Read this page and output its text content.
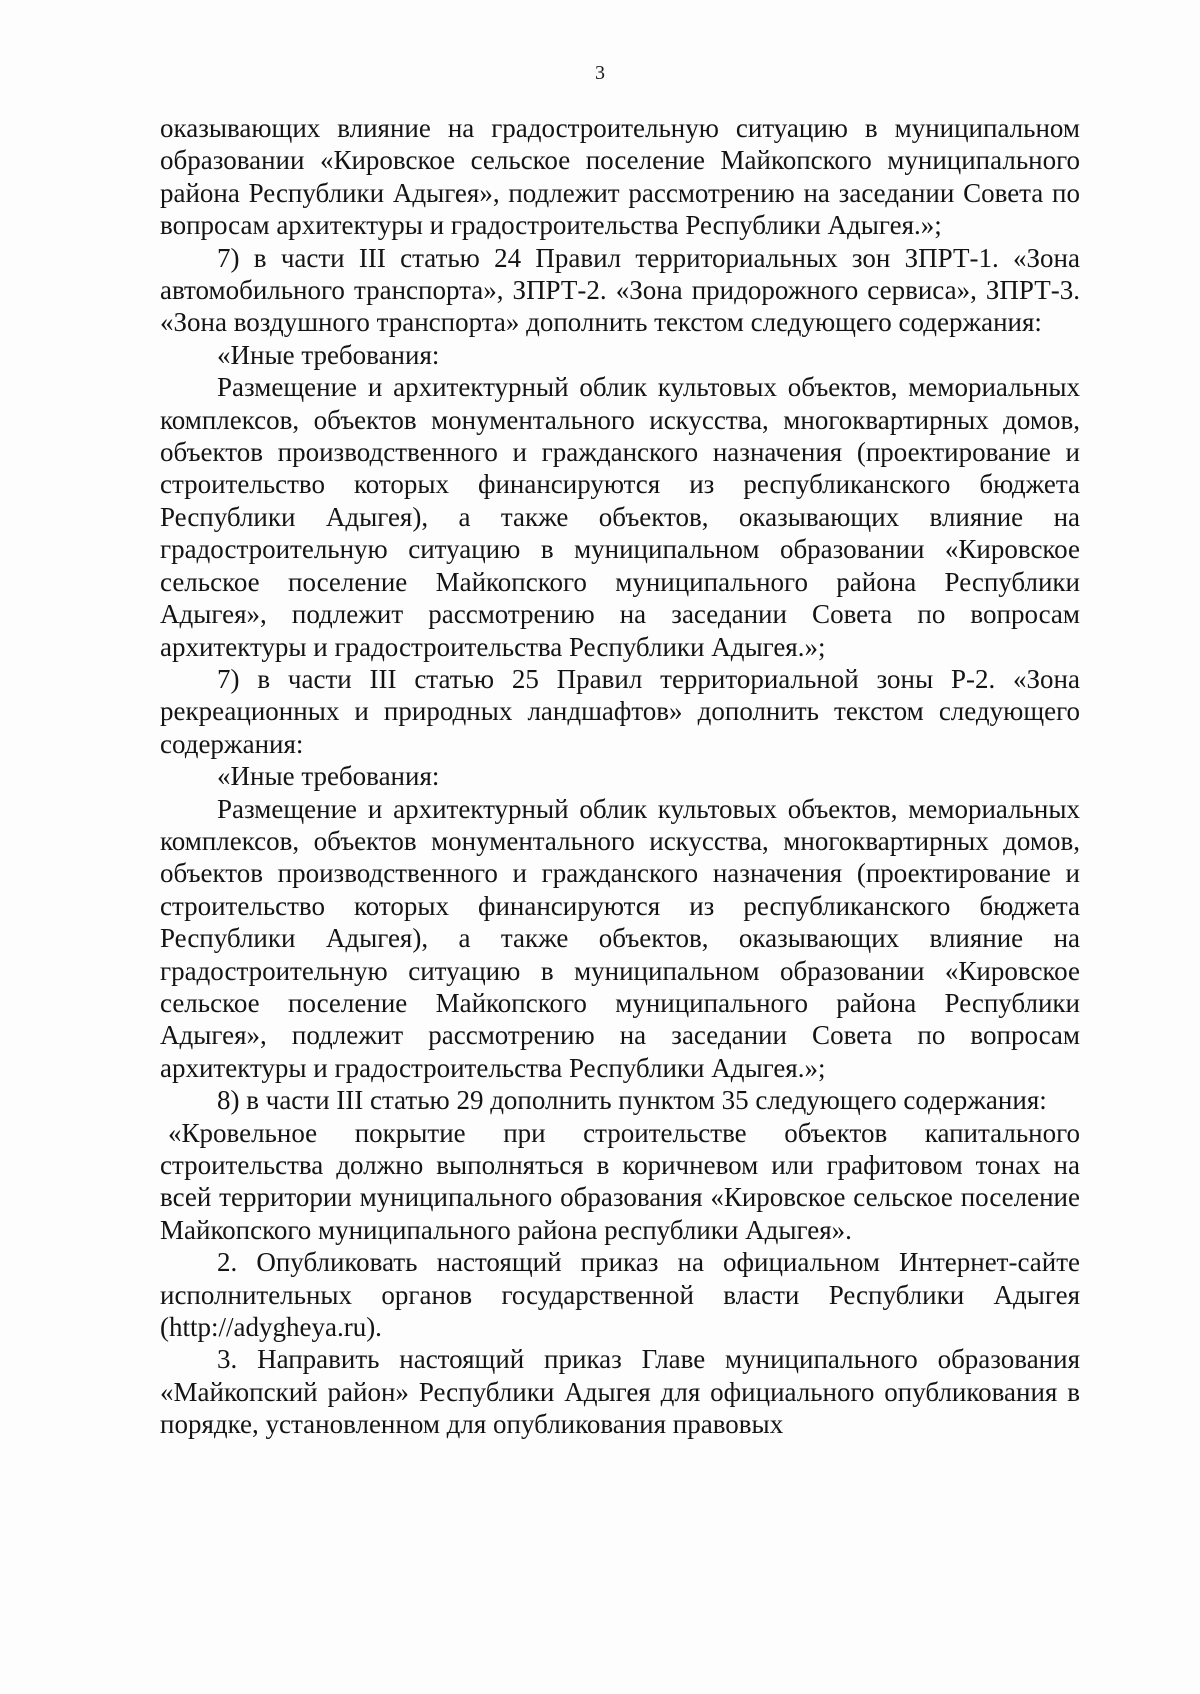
3

оказывающих влияние на градостроительную ситуацию в муниципальном образовании «Кировское сельское поселение Майкопского муниципального района Республики Адыгея», подлежит рассмотрению на заседании Совета по вопросам архитектуры и градостроительства Республики Адыгея.»;

7) в части III статью 24 Правил территориальных зон ЗПРТ-1. «Зона автомобильного транспорта», ЗПРТ-2. «Зона придорожного сервиса», ЗПРТ-3. «Зона воздушного транспорта» дополнить текстом следующего содержания:

«Иные требования:

Размещение и архитектурный облик культовых объектов, мемориальных комплексов, объектов монументального искусства, многоквартирных домов, объектов производственного и гражданского назначения (проектирование и строительство которых финансируются из республиканского бюджета Республики Адыгея), а также объектов, оказывающих влияние на градостроительную ситуацию в муниципальном образовании «Кировское сельское поселение Майкопского муниципального района Республики Адыгея», подлежит рассмотрению на заседании Совета по вопросам архитектуры и градостроительства Республики Адыгея.»;

7) в части III статью 25 Правил территориальной зоны Р-2. «Зона рекреационных и природных ландшафтов» дополнить текстом следующего содержания:

«Иные требования:

Размещение и архитектурный облик культовых объектов, мемориальных комплексов, объектов монументального искусства, многоквартирных домов, объектов производственного и гражданского назначения (проектирование и строительство которых финансируются из республиканского бюджета Республики Адыгея), а также объектов, оказывающих влияние на градостроительную ситуацию в муниципальном образовании «Кировское сельское поселение Майкопского муниципального района Республики Адыгея», подлежит рассмотрению на заседании Совета по вопросам архитектуры и градостроительства Республики Адыгея.»;

8) в части III статью 29 дополнить пунктом 35 следующего содержания:

«Кровельное покрытие при строительстве объектов капитального строительства должно выполняться в коричневом или графитовом тонах на всей территории муниципального образования «Кировское сельское поселение Майкопского муниципального района республики Адыгея».

2. Опубликовать настоящий приказ на официальном Интернет-сайте исполнительных органов государственной власти Республики Адыгея (http://adygheya.ru).

3. Направить настоящий приказ Главе муниципального образования «Майкопский район» Республики Адыгея для официального опубликования в порядке, установленном для опубликования правовых
